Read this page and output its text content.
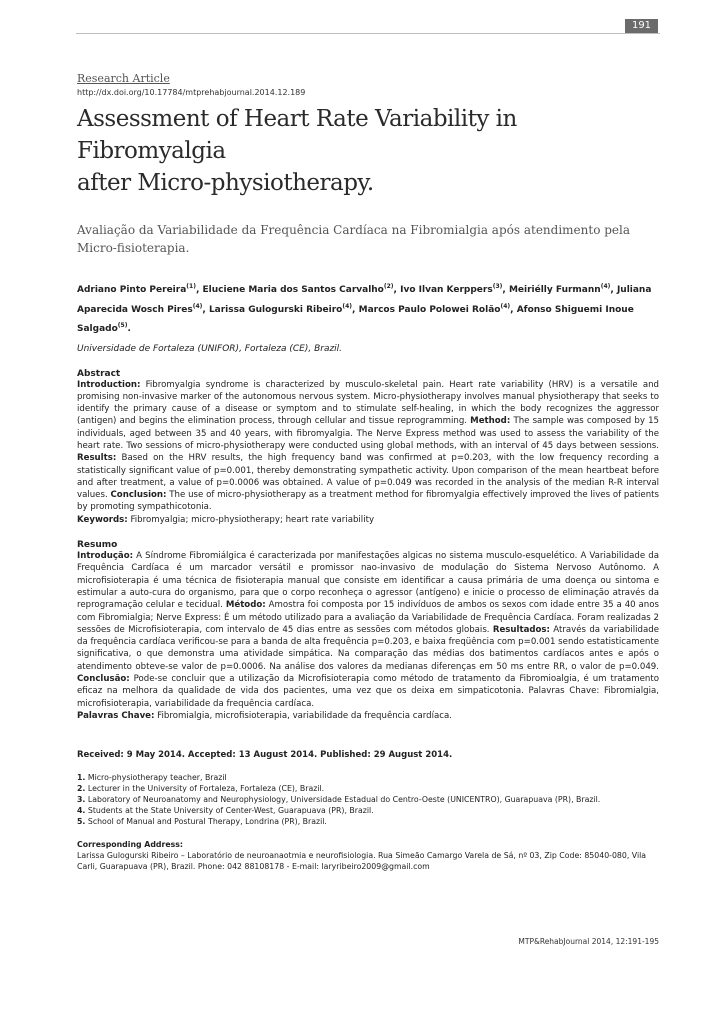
191
Research Article
http://dx.doi.org/10.17784/mtprehabjournal.2014.12.189
Assessment of Heart Rate Variability in Fibromyalgia
after Micro-physiotherapy.
Avaliação da Variabilidade da Frequência Cardíaca na Fibromialgia após atendimento pela Micro-fisioterapia.
Adriano Pinto Pereira$^{(1)}$, Eluciene Maria dos Santos Carvalho$^{(2)}$, Ivo Ilvan Kerppers$^{(3)}$, Meiriélly Furmann$^{(4)}$, Juliana Aparecida Wosch Pires$^{(4)}$, Larissa Gulogurski Ribeiro$^{(4)}$, Marcos Paulo Polowei Rolão$^{(4)}$, Afonso Shiguemi Inoue Salgado$^{(5)}$.
Universidade de Fortaleza (UNIFOR), Fortaleza (CE), Brazil.
Abstract
Introduction: Fibromyalgia syndrome is characterized by musculo-skeletal pain. Heart rate variability (HRV) is a versatile and promising non-invasive marker of the autonomous nervous system. Micro-physiotherapy involves manual physiotherapy that seeks to identify the primary cause of a disease or symptom and to stimulate self-healing, in which the body recognizes the aggressor (antigen) and begins the elimination process, through cellular and tissue reprogramming. Method: The sample was composed by 15 individuals, aged between 35 and 40 years, with fibromyalgia. The Nerve Express method was used to assess the variability of the heart rate. Two sessions of micro-physiotherapy were conducted using global methods, with an interval of 45 days between sessions. Results: Based on the HRV results, the high frequency band was confirmed at p=0.203, with the low frequency recording a statistically significant value of p=0.001, thereby demonstrating sympathetic activity. Upon comparison of the mean heartbeat before and after treatment, a value of p=0.0006 was obtained. A value of p=0.049 was recorded in the analysis of the median R-R interval values. Conclusion: The use of micro-physiotherapy as a treatment method for fibromyalgia effectively improved the lives of patients by promoting sympathicotonia.
Keywords: Fibromyalgia; micro-physiotherapy; heart rate variability
Resumo
Introdução: A Síndrome Fibromiálgica é caracterizada por manifestações algicas no sistema musculo-esquelético. A Variabilidade da Frequência Cardíaca é um marcador versátil e promissor nao-invasivo de modulação do Sistema Nervoso Autônomo. A microfisioterapia é uma técnica de fisioterapia manual que consiste em identificar a causa primária de uma doença ou sintoma e estimular a auto-cura do organismo, para que o corpo reconheça o agressor (antígeno) e inicie o processo de eliminação através da reprogramação celular e tecidual. Método: Amostra foi composta por 15 indivíduos de ambos os sexos com idade entre 35 a 40 anos com Fibromialgia; Nerve Express: É um método utilizado para a avaliação da Variabilidade de Frequência Cardíaca. Foram realizadas 2 sessões de Microfisioterapia, com intervalo de 45 dias entre as sessões com métodos globais. Resultados: Através da variabilidade da frequência cardíaca verificou-se para a banda de alta frequência p=0.203, e baixa freqüência com p=0.001 sendo estatisticamente significativa, o que demonstra uma atividade simpática. Na comparação das médias dos batimentos cardíacos antes e após o atendimento obteve-se valor de p=0.0006. Na análise dos valores da medianas diferenças em 50 ms entre RR, o valor de p=0.049. Conclusão: Pode-se concluir que a utilização da Microfisioterapia como método de tratamento da Fibromioalgia, é um tratamento eficaz na melhora da qualidade de vida dos pacientes, uma vez que os deixa em simpaticotonia. Palavras Chave: Fibromialgia, microfisioterapia, variabilidade da frequência cardíaca.
Palavras Chave: Fibromialgia, microfisioterapia, variabilidade da frequência cardíaca.
Received: 9 May 2014. Accepted: 13 August 2014. Published: 29 August 2014.
1. Micro-physiotherapy teacher, Brazil
2. Lecturer in the University of Fortaleza, Fortaleza (CE), Brazil.
3. Laboratory of Neuroanatomy and Neurophysiology, Universidade Estadual do Centro-Oeste (UNICENTRO), Guarapuava (PR), Brazil.
4. Students at the State University of Center-West, Guarapuava (PR), Brazil.
5. School of Manual and Postural Therapy, Londrina (PR), Brazil.
Corresponding Address:
Larissa Gulogurski Ribeiro – Laboratório de neuroanaotmia e neurofisiologia. Rua Simeão Camargo Varela de Sá, nº 03, Zip Code: 85040-080, Vila Carli, Guarapuava (PR), Brazil. Phone: 042 88108178 - E-mail: laryribeiro2009@gmail.com
MTP&RehabJournal 2014, 12:191-195
